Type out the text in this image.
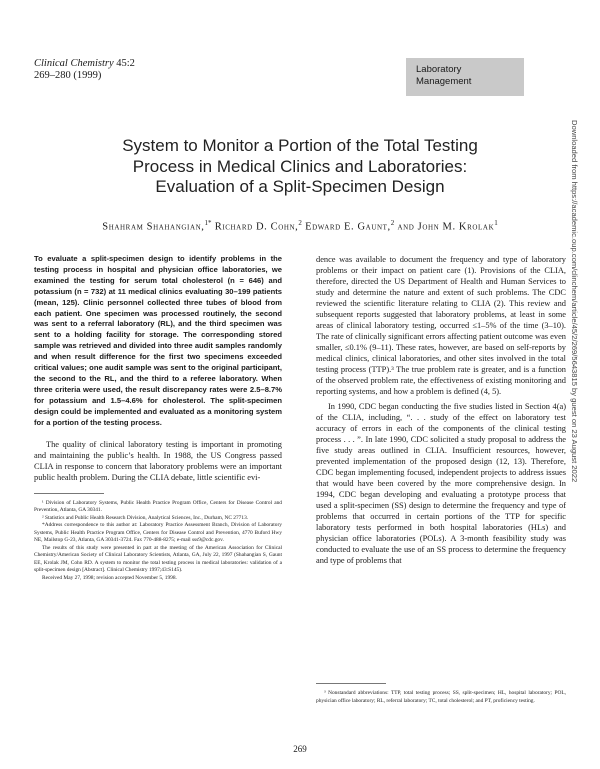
Clinical Chemistry 45:2
269–280 (1999)
Laboratory
Management
System to Monitor a Portion of the Total Testing
Process in Medical Clinics and Laboratories:
Evaluation of a Split-Specimen Design
Shahram Shahangian,$^{1*}$ Richard D. Cohn,$^2$ Edward E. Gaunt,$^2$ and John M. Krolak$^1$	Downloaded from https://academic.oup.com/clinchem/article/45/2/269/5643815 by guest on 23 August 2022

To evaluate a split-specimen design to identify problems in the testing process in hospital and physician office laboratories, we examined the testing for serum total cholesterol (n = 646) and potassium (n = 732) at 11 medical clinics evaluating 30–199 patients (mean, 125). Clinic personnel collected three tubes of blood from each patient. One specimen was processed routinely, the second was sent to a referral laboratory (RL), and the third specimen was sent to a holding facility for storage. The corresponding stored sample was retrieved and divided into three audit samples randomly and when result difference for the first two specimens exceeded critical values; one audit sample was sent to the original participant, the second to the RL, and the third to a referee laboratory. When three criteria were used, the result discrepancy rates were 2.5–8.7% for potassium and 1.5–4.6% for cholesterol. The split-specimen design could be implemented and evaluated as a monitoring system for a portion of the testing process.

The quality of clinical laboratory testing is important in promoting and maintaining the public’s health. In 1988, the US Congress passed CLIA in response to concern that laboratory problems were an important public health problem. During the CLIA debate, little scientific evi-

¹ Division of Laboratory Systems, Public Health Practice Program Office, Centers for Disease Control and Prevention, Atlanta, GA 30341.

² Statistics and Public Health Research Division, Analytical Sciences, Inc., Durham, NC 27713.

*Address correspondence to this author at: Laboratory Practice Assessment Branch, Division of Laboratory Systems, Public Health Practice Program Office, Centers for Disease Control and Prevention, 4770 Buford Hwy NE, Mailstop G-23, Atlanta, GA 30341-3724. Fax 770-488-8275; e-mail sss9@cdc.gov.

The results of this study were presented in part at the meeting of the American Association for Clinical Chemistry/American Society of Clinical Laboratory Scientists, Atlanta, GA, July 22, 1997 (Shahangian S, Gaunt EE, Krolak JM, Cohn RD. A system to monitor the total testing process in medical laboratories: validation of a split-specimen design [Abstract]. Clinical Chemistry 1997;43:S145).

Received May 27, 1998; revision accepted November 5, 1998.

dence was available to document the frequency and type of laboratory problems or their impact on patient care (1). Provisions of the CLIA, therefore, directed the US Department of Health and Human Services to study and determine the nature and extent of such problems. The CDC reviewed the scientific literature relating to CLIA (2). This review and subsequent reports suggested that laboratory problems, at least in some areas of clinical laboratory testing, occurred ≤1–5% of the time (3–10). The rate of clinically significant errors affecting patient outcome was even smaller, ≤0.1% (9–11). These rates, however, are based on self-reports by medical clinics, clinical laboratories, and other sites involved in the total testing process (TTP).³ The true problem rate is greater, and is a function of the observed problem rate, the effectiveness of existing monitoring and reporting systems, and how a problem is defined (4, 5).

In 1990, CDC began conducting the five studies listed in Section 4(a) of the CLIA, including, “. . . study of the effect on laboratory test accuracy of errors in each of the components of the clinical testing process . . . ”. In late 1990, CDC solicited a study proposal to address the five study areas outlined in CLIA. Insufficient resources, however, prevented implementation of the proposed design (12, 13). Therefore, CDC began implementing focused, independent projects to address issues that would have been covered by the more comprehensive design. In 1994, CDC began developing and evaluating a prototype process that used a split-specimen (SS) design to determine the frequency and type of problems that occurred in certain portions of the TTP for specific laboratory tests performed in both hospital laboratories (HLs) and physician office laboratories (POLs). A 3-month feasibility study was conducted to evaluate the use of an SS process to determine the frequency and type of problems that

³ Nonstandard abbreviations: TTP, total testing process; SS, split-specimen; HL, hospital laboratory; POL, physician office laboratory; RL, referral laboratory; TC, total cholesterol; and PT, proficiency testing.

269
